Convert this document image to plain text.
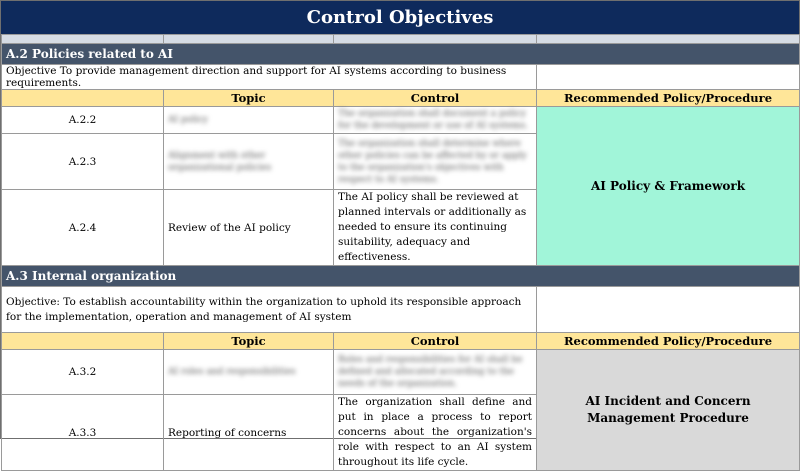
Control Objectives

A.2 Policies related to AI			
Objective To provide management direction and support for AI systems according to business requirements.			
	Topic	Control	Recommended Policy/Procedure
A.2.2	AI policy	The organization shall document a policy for the development or use of AI systems.	AI Policy & Framework
A.2.3	Alignment with other organizational policies	The organization shall determine where other policies can be affected by or apply to the organization's objectives with respect to AI systems.	

A.2.4	Review of the AI policy	The AI policy shall be reviewed at planned intervals or additionally as needed to ensure its continuing suitability, adequacy and effectiveness.	
A.3 Internal organization			
Objective: To establish accountability within the organization to uphold its responsible approach for the implementation, operation and management of AI system			
	Topic	Control	Recommended Policy/Procedure
A.3.2	AI roles and responsibilities	Roles and responsibilities for AI shall be defined and allocated according to the needs of the organization.	AI Incident and Concern Management Procedure
A.3.3	Reporting of concerns	The organization shall define and put in place a process to report concerns about the organization's role with respect to an AI system throughout its life cycle.	
